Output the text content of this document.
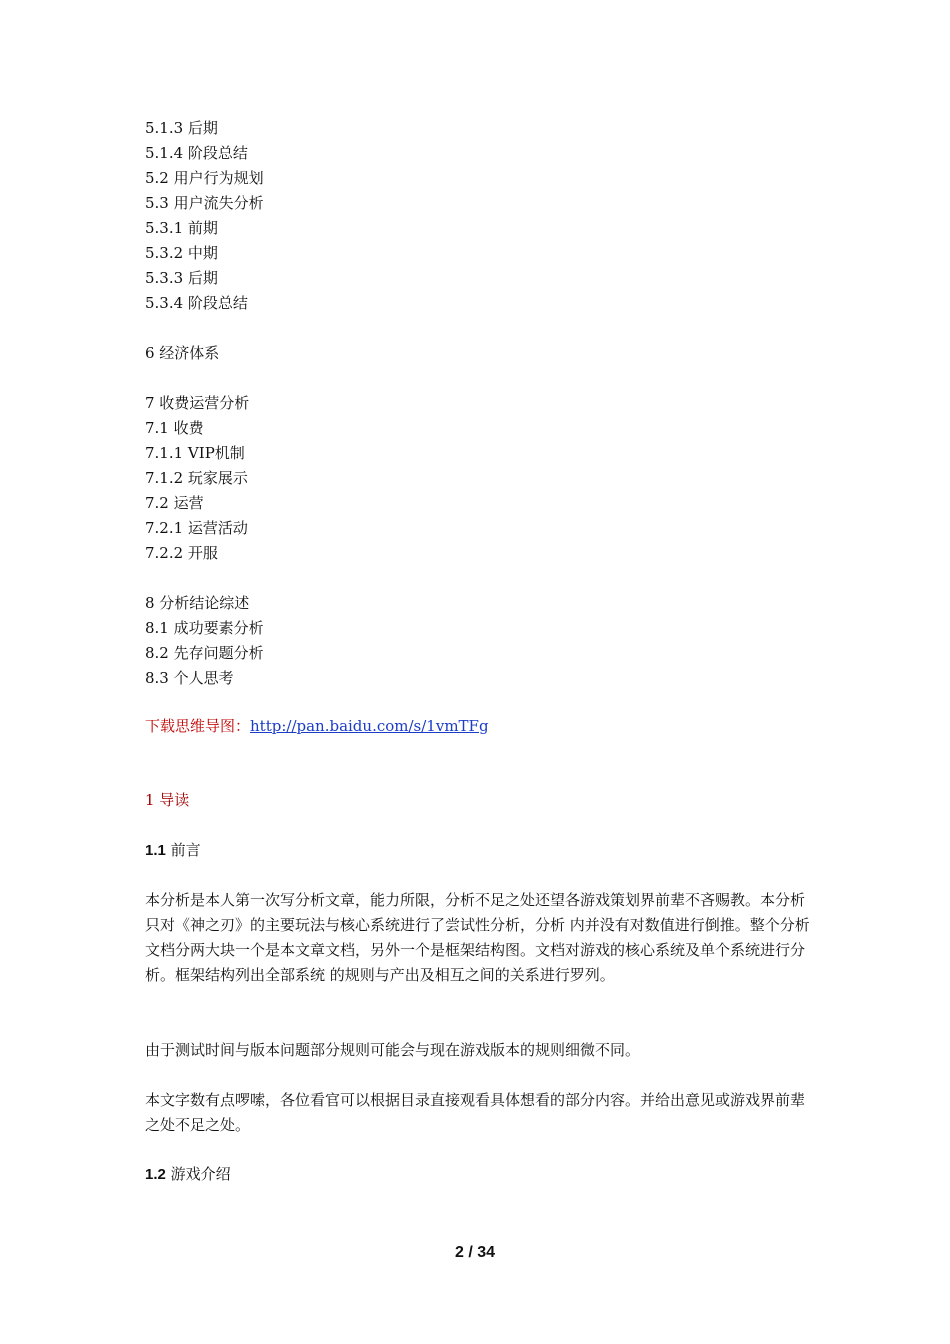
5.1.3 后期
5.1.4 阶段总结
5.2 用户行为规划
5.3 用户流失分析
5.3.1 前期
5.3.2 中期
5.3.3 后期
5.3.4 阶段总结
6 经济体系
7 收费运营分析
7.1 收费
7.1.1 VIP机制
7.1.2 玩家展示
7.2 运营
7.2.1 运营活动
7.2.2 开服
8 分析结论综述
8.1 成功要素分析
8.2 先存问题分析
8.3 个人思考
下载思维导图：http://pan.baidu.com/s/1vmTFg
1 导读
1.1 前言
本分析是本人第一次写分析文章，能力所限，分析不足之处还望各游戏策划界前辈不吝赐教。本分析只对《神之刃》的主要玩法与核心系统进行了尝试性分析，分析 内并没有对数值进行倒推。整个分析文档分两大块一个是本文章文档，另外一个是框架结构图。文档对游戏的核心系统及单个系统进行分析。框架结构列出全部系统 的规则与产出及相互之间的关系进行罗列。
由于测试时间与版本问题部分规则可能会与现在游戏版本的规则细微不同。
本文字数有点啰嗦，各位看官可以根据目录直接观看具体想看的部分内容。并给出意见或游戏界前辈之处不足之处。
1.2 游戏介绍
2 / 34
